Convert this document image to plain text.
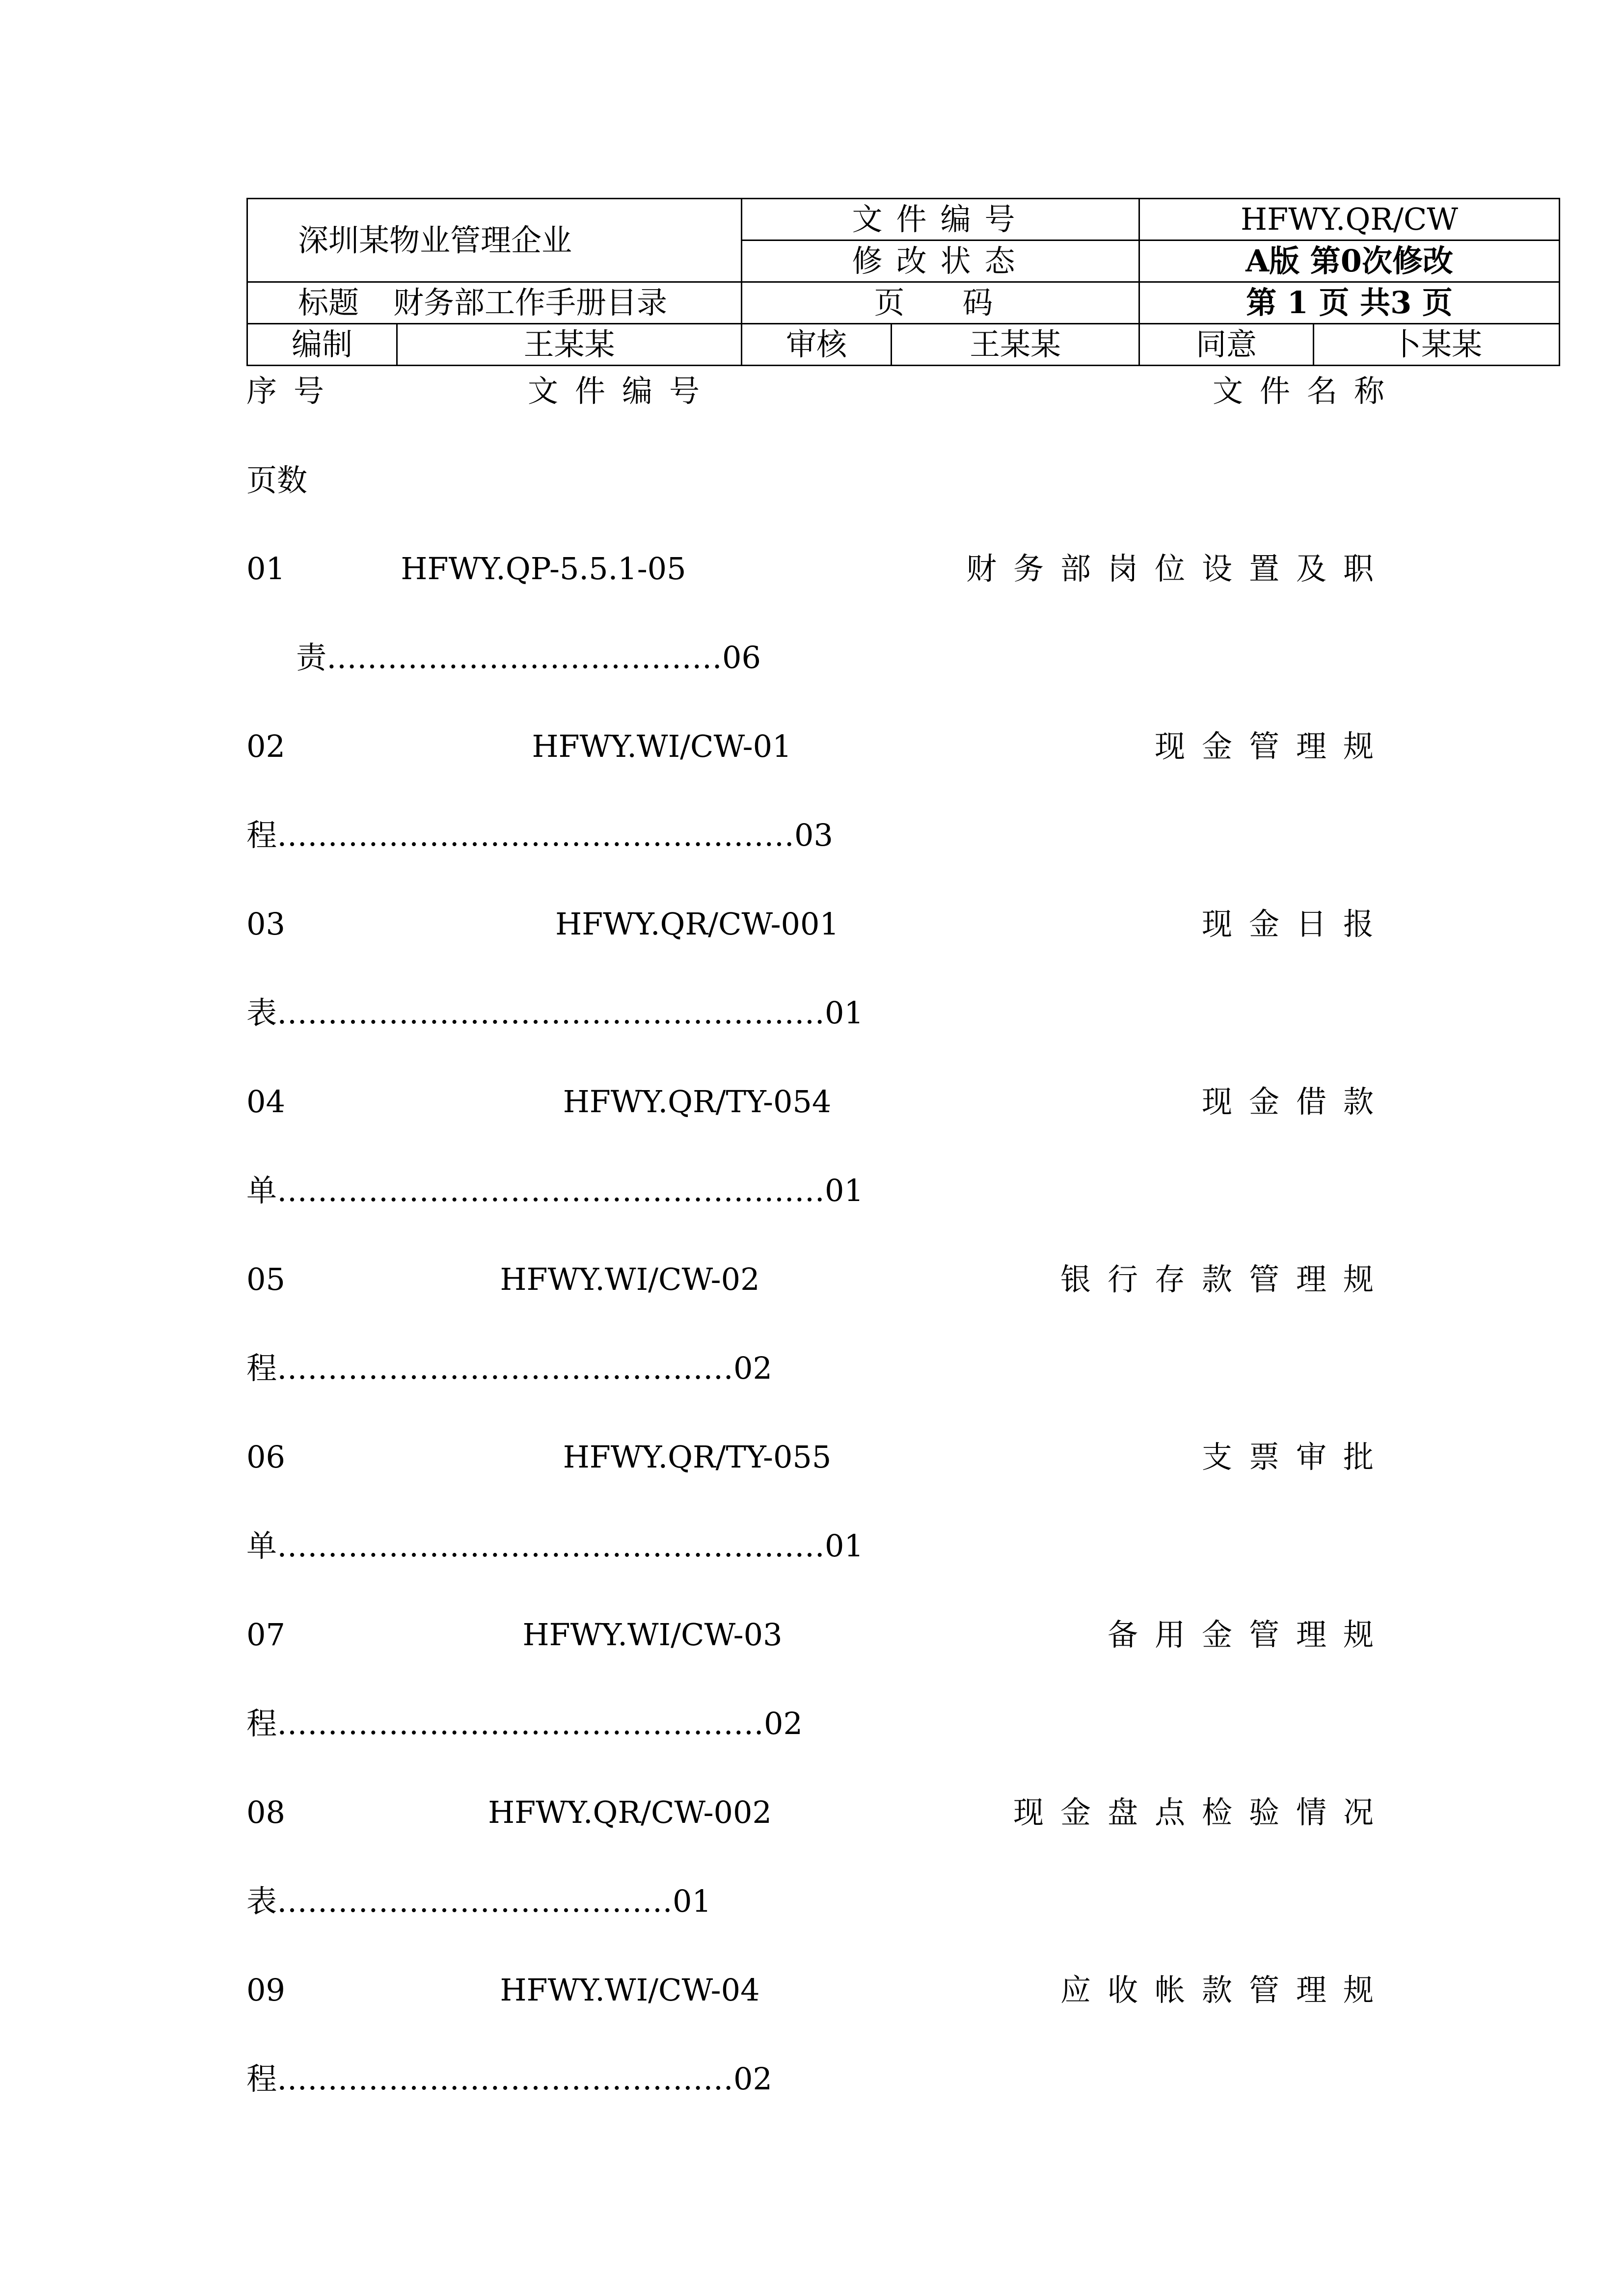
深圳某物业管理企业		文件编号		HFWY.QR/CW	
		修改状态		A版 第0次修改	
标题 财务部工作手册目录		页　码		第 1 页 共3 页	
编制	王某某	审核	王某某	同意	卜某某
序号	文件编号	文件名称
页数
01	HFWY.QP-5.5.1-05	财务部岗位设置及职
责…………………………………06
02	HFWY.WI/CW-01	现金管理规
程……………………………………………03
03	HFWY.QR/CW-001	现金日报
表………………………………………………01
04	HFWY.QR/TY-054	现金借款
单………………………………………………01
05	HFWY.WI/CW-02	银行存款管理规
程………………………………………02
06	HFWY.QR/TY-055	支票审批
单………………………………………………01
07	HFWY.WI/CW-03	备用金管理规
程…………………………………………02
08	HFWY.QR/CW-002	现金盘点检验情况
表…………………………………01
09	HFWY.WI/CW-04	应收帐款管理规
程………………………………………02
